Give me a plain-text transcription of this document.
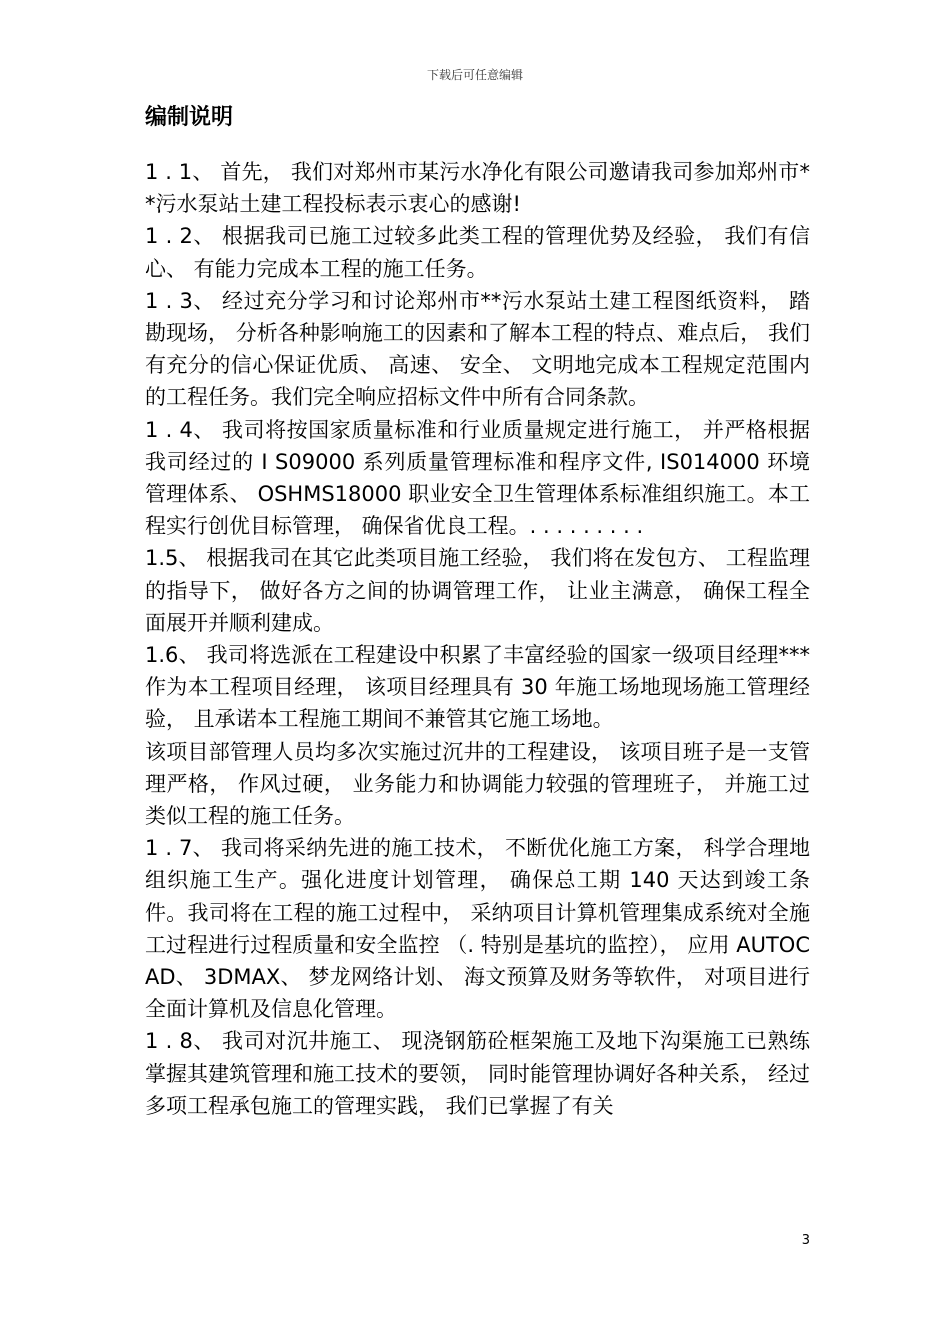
下载后可任意编辑
编制说明

1 . 1、 首先， 我们对郑州市某污水净化有限公司邀请我司参加郑州市**污水泵站土建工程投标表示衷心的感谢!

1 . 2、 根据我司已施工过较多此类工程的管理优势及经验， 我们有信心、 有能力完成本工程的施工任务。

1 . 3、 经过充分学习和讨论郑州市**污水泵站土建工程图纸资料， 踏勘现场， 分析各种影响施工的因素和了解本工程的特点、难点后， 我们有充分的信心保证优质、 高速、 安全、 文明地完成本工程规定范围内的工程任务。我们完全响应招标文件中所有合同条款。

1 . 4、 我司将按国家质量标准和行业质量规定进行施工， 并严格根据我司经过的 I S09000 系列质量管理标准和程序文件, IS014000 环境管理体系、 OSHMS18000 职业安全卫生管理体系标准组织施工。本工程实行创优目标管理， 确保省优良工程。. . . . . . . . .

1.5、 根据我司在其它此类项目施工经验， 我们将在发包方、 工程监理的指导下， 做好各方之间的协调管理工作， 让业主满意， 确保工程全面展开并顺利建成。

1.6、 我司将选派在工程建设中积累了丰富经验的国家一级项目经理***作为本工程项目经理， 该项目经理具有 30 年施工场地现场施工管理经验， 且承诺本工程施工期间不兼管其它施工场地。

该项目部管理人员均多次实施过沉井的工程建设， 该项目班子是一支管理严格， 作风过硬， 业务能力和协调能力较强的管理班子， 并施工过类似工程的施工任务。

1 . 7、 我司将采纳先进的施工技术， 不断优化施工方案， 科学合理地组织施工生产。强化进度计划管理， 确保总工期 140 天达到竣工条件。我司将在工程的施工过程中， 采纳项目计算机管理集成系统对全施工过程进行过程质量和安全监控 （. 特别是基坑的监控）， 应用 AUTOCAD、 3DMAX、 梦龙网络计划、 海文预算及财务等软件， 对项目进行全面计算机及信息化管理。

1 . 8、 我司对沉井施工、 现浇钢筋砼框架施工及地下沟渠施工已熟练掌握其建筑管理和施工技术的要领， 同时能管理协调好各种关系， 经过多项工程承包施工的管理实践， 我们已掌握了有关

3
